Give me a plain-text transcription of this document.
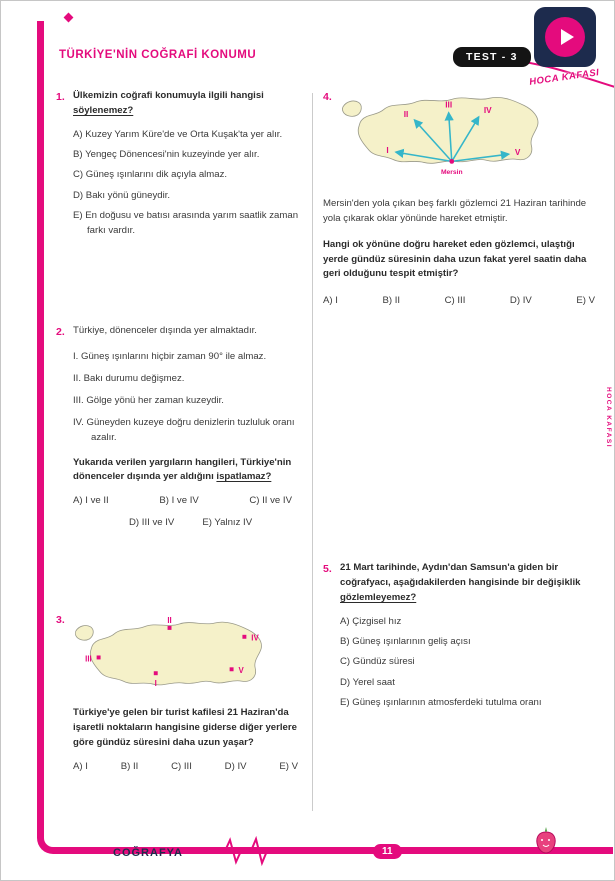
TÜRKİYE'NİN COĞRAFİ KONUMU	TEST - 3
HOCA KAFASI
HOCA KAFASI
1. Ülkemizin coğrafi konumuyla ilgili hangisi söylenemez?

A) Kuzey Yarım Küre'de ve Orta Kuşak'ta yer alır.

B) Yengeç Dönencesi'nin kuzeyinde yer alır.

C) Güneş ışınlarını dik açıyla almaz.

D) Bakı yönü güneydir.

E) En doğusu ve batısı arasında yarım saatlik zaman farkı vardır.

2. Türkiye, dönenceler dışında yer almaktadır.

I. Güneş ışınlarını hiçbir zaman 90° ile almaz.

II. Bakı durumu değişmez.

III. Gölge yönü her zaman kuzeydir.

IV. Güneyden kuzeye doğru denizlerin tuzluluk oranı azalır.

Yukarıda verilen yargıların hangileri, Türkiye'nin dönenceler dışında yer aldığını ispatlamaz?

A) I ve II	B) I ve IV	C) II ve IV
D) III ve IV	E) Yalnız IV
3.	II
IV
III
V
I

Türkiye'ye gelen bir turist kafilesi 21 Haziran'da işaretli noktaların hangisine giderse diğer yerlere göre gündüz süresini daha uzun yaşar?

A) I	B) II	C) III	D) IV	E) V
4.
I
II
III
IV
V
Mersin

Mersin'den yola çıkan beş farklı gözlemci 21 Haziran tarihinde yola çıkarak oklar yönünde hareket etmiştir.

Hangi ok yönüne doğru hareket eden gözlemci, ulaştığı yerde gündüz süresinin daha uzun fakat yerel saatin daha geri olduğunu tespit etmiştir?

A) I	B) II	C) III	D) IV	E) V
5. 21 Mart tarihinde, Aydın'dan Samsun'a giden bir coğrafyacı, aşağıdakilerden hangisinde bir değişiklik gözlemleyemez?

A) Çizgisel hız

B) Güneş ışınlarının geliş açısı

C) Gündüz süresi

D) Yerel saat

E) Güneş ışınlarının atmosferdeki tutulma oranı

COĞRAFYA	11
